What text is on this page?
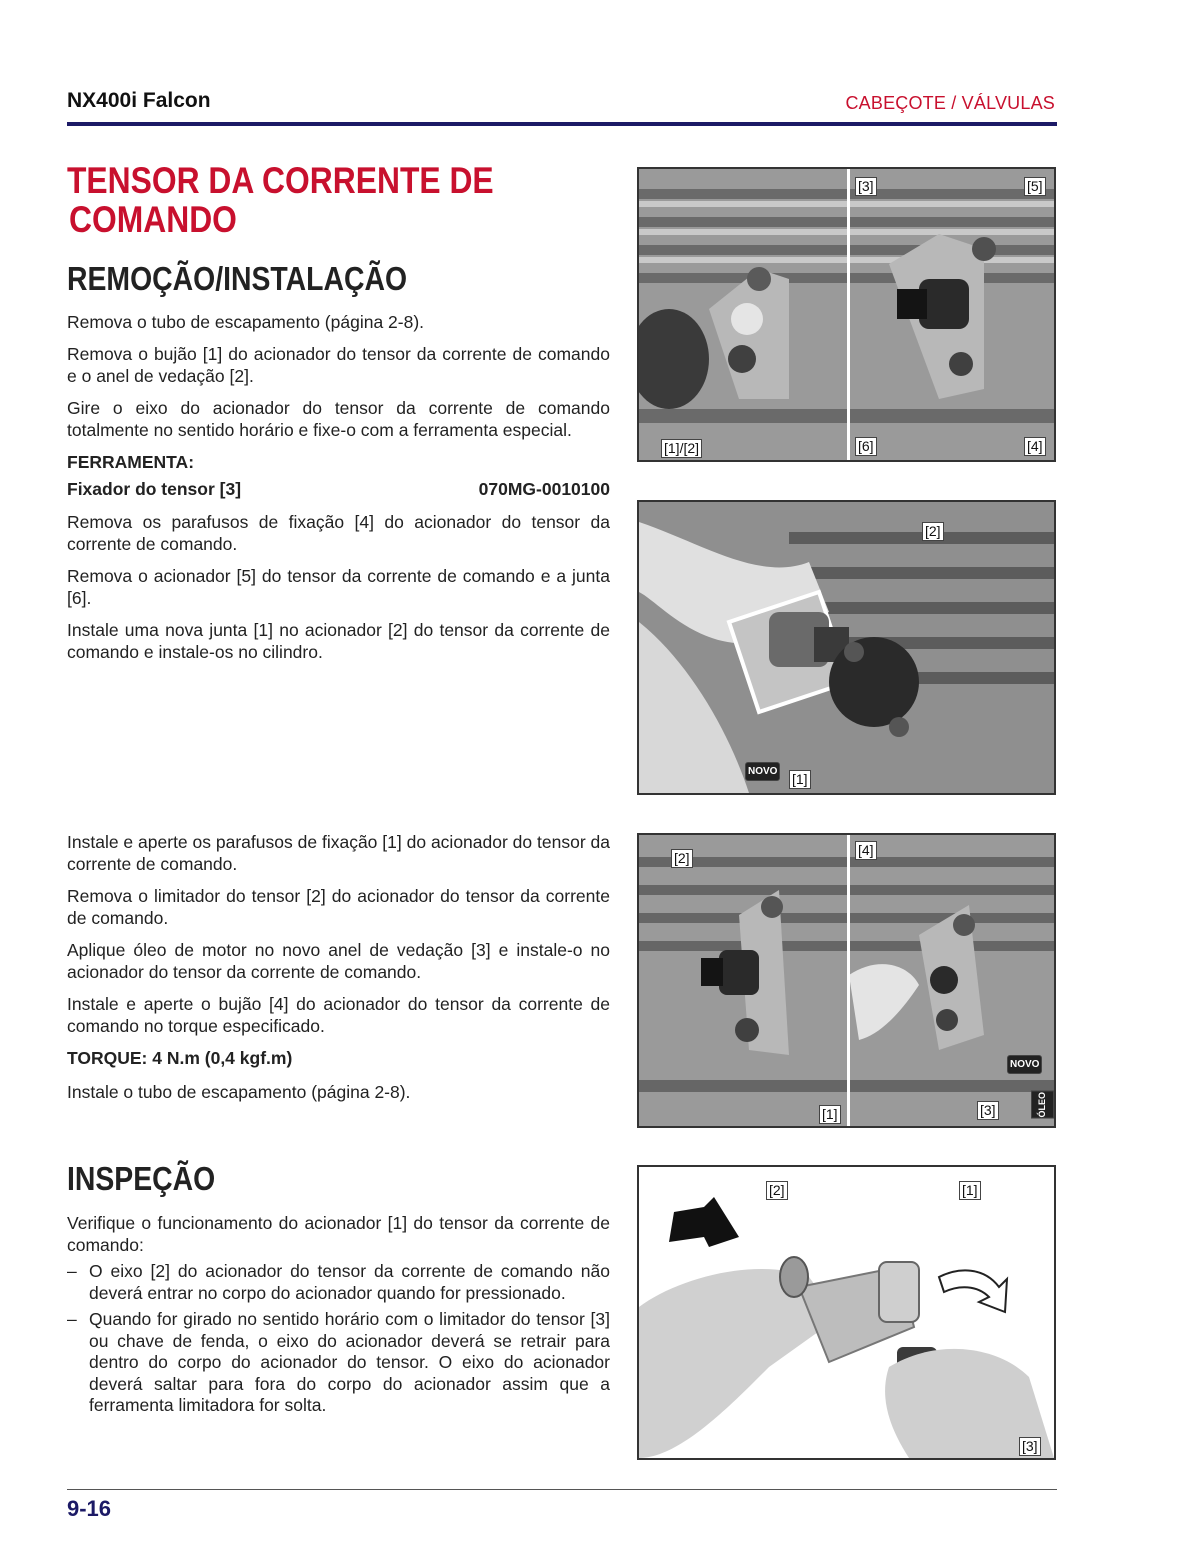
NX400i Falcon	CABEÇOTE / VÁLVULAS
TENSOR DA CORRENTE DE
COMANDO
REMOÇÃO/INSTALAÇÃO

Remova o tubo de escapamento (página 2-8).

Remova o bujão [1] do acionador do tensor da corrente de comando e o anel de vedação [2].

Gire o eixo do acionador do tensor da corrente de comando totalmente no sentido horário e fixe-o com a ferramenta especial.

FERRAMENTA:
Fixador do tensor [3]	070MG-0010100

Remova os parafusos de fixação [4] do acionador do tensor da corrente de comando.

Remova o acionador [5] do tensor da corrente de comando e a junta [6].

Instale uma nova junta [1] no acionador [2] do tensor da corrente de comando e instale-os no cilindro.

Instale e aperte os parafusos de fixação [1] do acionador do tensor da corrente de comando.

Remova o limitador do tensor [2] do acionador do tensor da corrente de comando.

Aplique óleo de motor no novo anel de vedação [3] e instale-o no acionador do tensor da corrente de comando.

Instale e aperte o bujão [4] do acionador do tensor da corrente de comando no torque especificado.

TORQUE: 4 N.m (0,4 kgf.m)

Instale o tubo de escapamento (página 2-8).

INSPEÇÃO

Verifique o funcionamento do acionador [1] do tensor da corrente de comando:

– O eixo [2] do acionador do tensor da corrente de comando não deverá entrar no corpo do acionador quando for pressionado.
– Quando for girado no sentido horário com o limitador do tensor [3] ou chave de fenda, o eixo do acionador deverá se retrair para dentro do corpo do acionador do tensor. O eixo do acionador deverá saltar para fora do corpo do acionador assim que a ferramenta limitadora for solta.
[1]/[2]
[3]	[5]
[6]	[4]
[2]
[1]
NOVO
[2]	[4]
[1]	[3]
NOVO
ÓLEO
[2]	[1]
[3]
9-16
